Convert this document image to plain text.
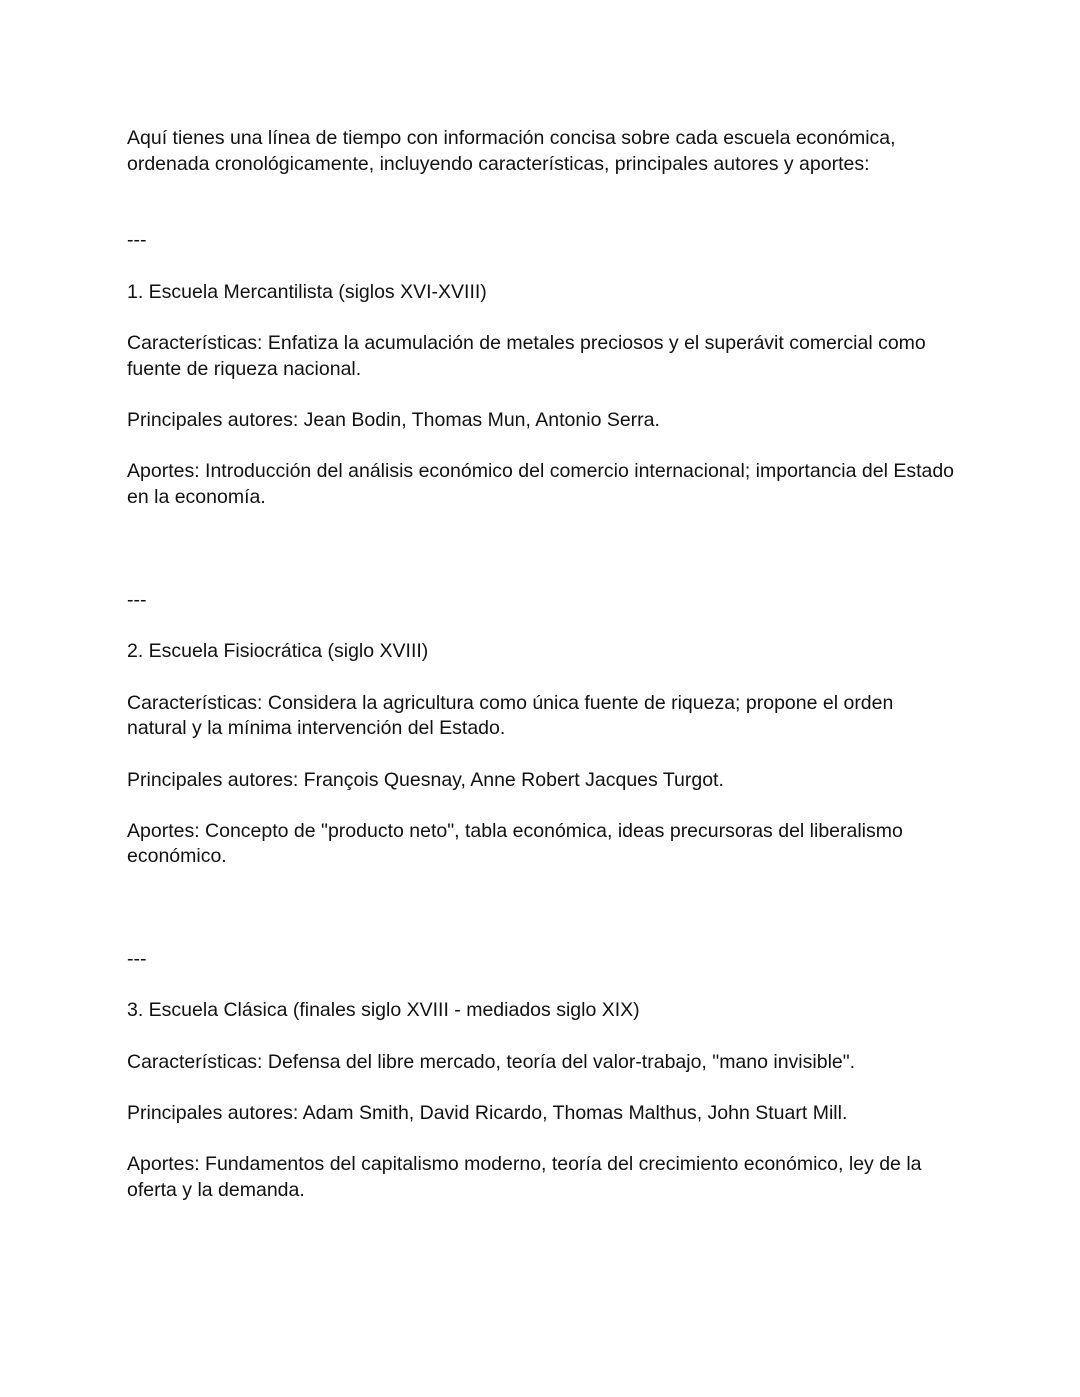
Aquí tienes una línea de tiempo con información concisa sobre cada escuela económica, ordenada cronológicamente, incluyendo características, principales autores y aportes:

---

1. Escuela Mercantilista (siglos XVI-XVIII)

Características: Enfatiza la acumulación de metales preciosos y el superávit comercial como fuente de riqueza nacional.

Principales autores: Jean Bodin, Thomas Mun, Antonio Serra.

Aportes: Introducción del análisis económico del comercio internacional; importancia del Estado en la economía.

---

2. Escuela Fisiocrática (siglo XVIII)

Características: Considera la agricultura como única fuente de riqueza; propone el orden natural y la mínima intervención del Estado.

Principales autores: François Quesnay, Anne Robert Jacques Turgot.

Aportes: Concepto de "producto neto", tabla económica, ideas precursoras del liberalismo económico.

---

3. Escuela Clásica (finales siglo XVIII - mediados siglo XIX)

Características: Defensa del libre mercado, teoría del valor-trabajo, "mano invisible".

Principales autores: Adam Smith, David Ricardo, Thomas Malthus, John Stuart Mill.

Aportes: Fundamentos del capitalismo moderno, teoría del crecimiento económico, ley de la oferta y la demanda.
